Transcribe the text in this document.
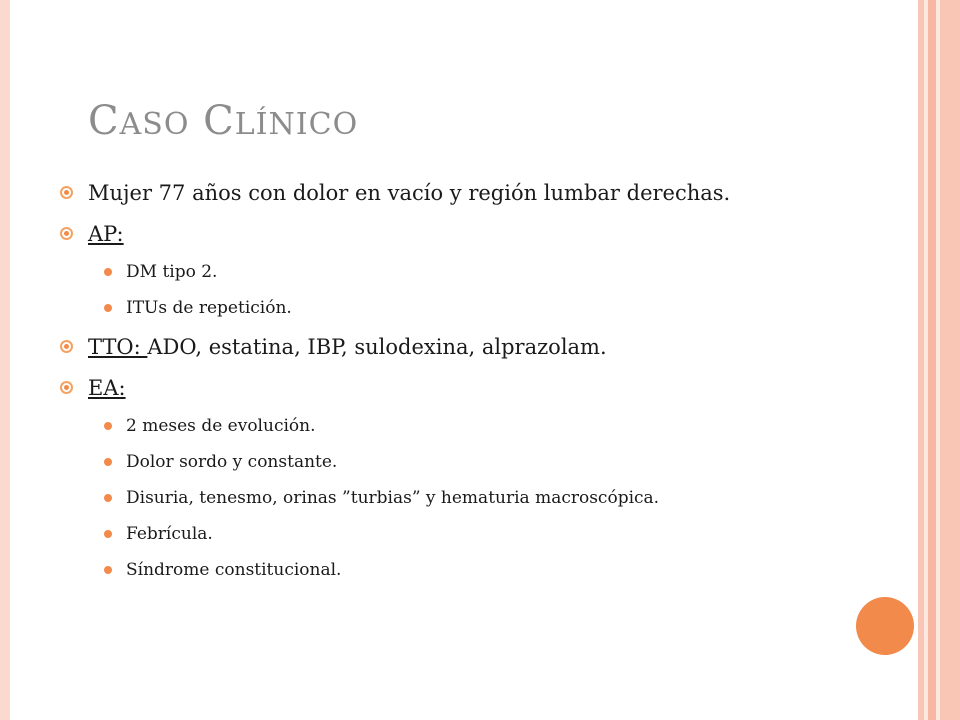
CASO CLÍNICO
Mujer 77 años con dolor en vacío y región lumbar derechas.
AP:
DM tipo 2.
ITUs de repetición.
TTO: ADO, estatina, IBP, sulodexina, alprazolam.
EA:
2 meses de evolución.
Dolor sordo y constante.
Disuria, tenesmo, orinas ”turbias” y hematuria macroscópica.
Febrícula.
Síndrome constitucional.
